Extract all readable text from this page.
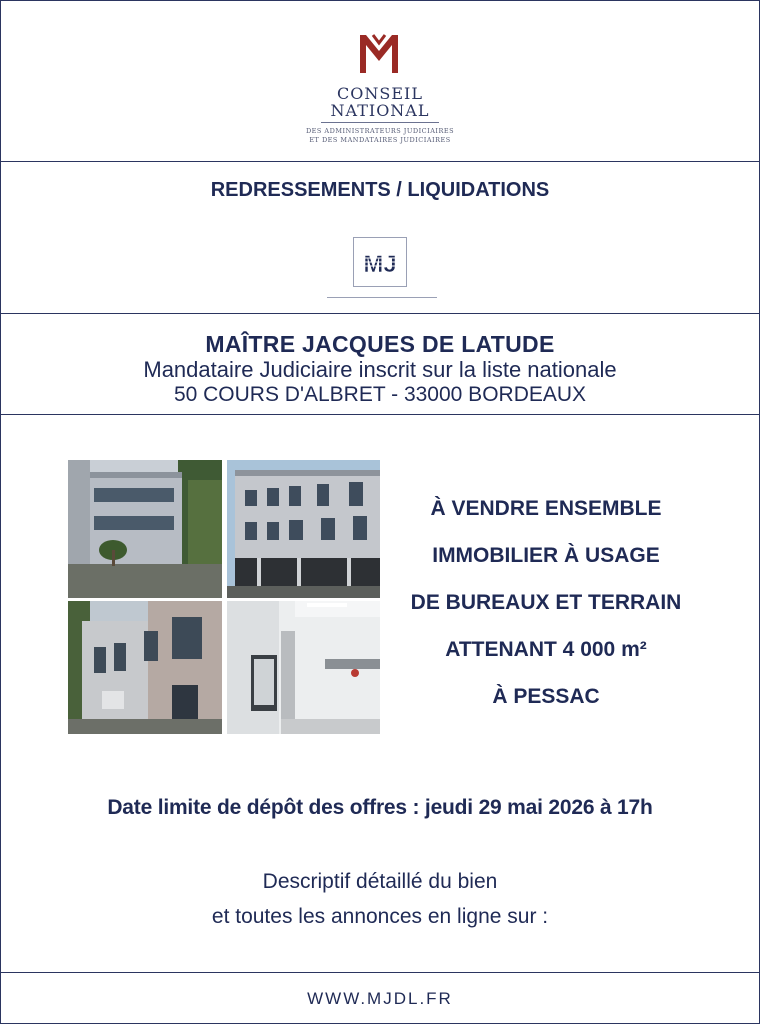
CONSEIL
NATIONAL
DES ADMINISTRATEURS JUDICIAIRES
ET DES MANDATAIRES JUDICIAIRES
REDRESSEMENTS / LIQUIDATIONS
MJ
MAÎTRE JACQUES DE LATUDE
Mandataire Judiciaire inscrit sur la liste nationale
50 COURS D'ALBRET - 33000 BORDEAUX
À VENDRE ENSEMBLE
IMMOBILIER À USAGE
DE BUREAUX ET TERRAIN
ATTENANT 4 000 m²
À PESSAC
Date limite de dépôt des offres : jeudi 29 mai 2026 à 17h
Descriptif détaillé du bien
et toutes les annonces en ligne sur :
WWW.MJDL.FR
